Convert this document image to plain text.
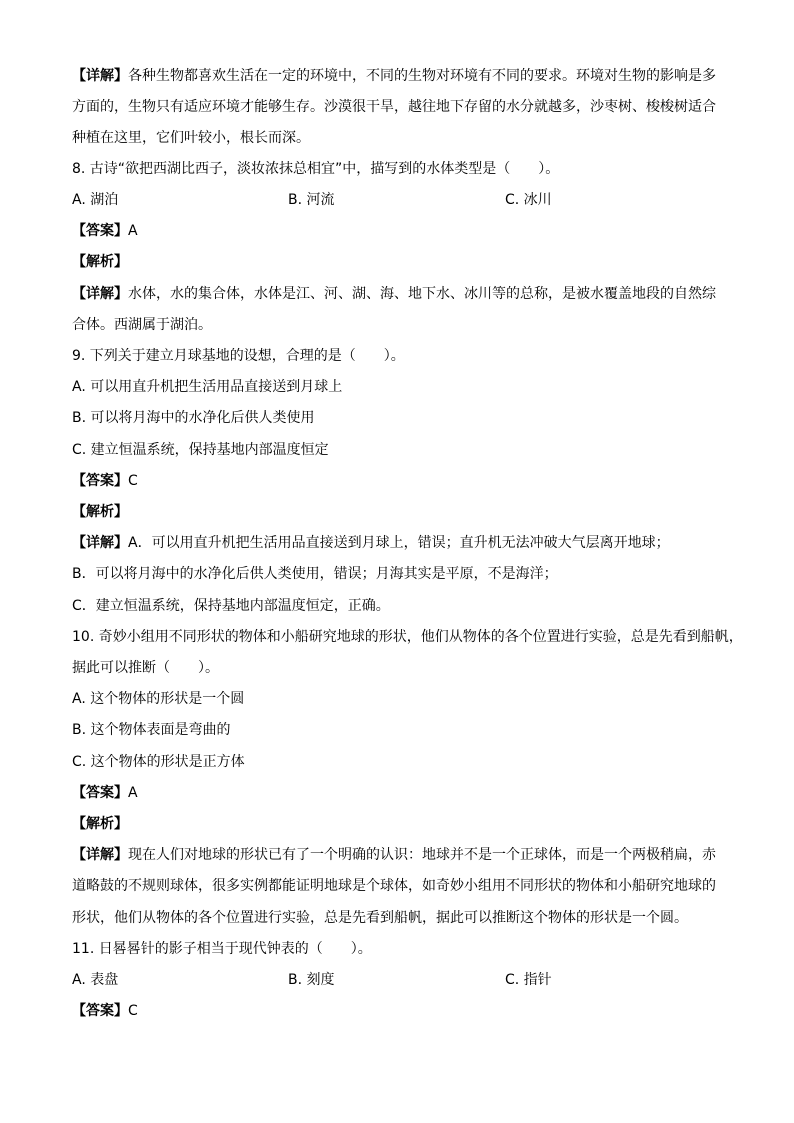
【详解】各种生物都喜欢生活在一定的环境中，不同的生物对环境有不同的要求。环境对生物的影响是多
方面的，生物只有适应环境才能够生存。沙漠很干旱，越往地下存留的水分就越多，沙枣树、梭梭树适合
种植在这里，它们叶较小，根长而深。
8. 古诗“欲把西湖比西子，淡妆浓抹总相宜”中，描写到的水体类型是（　　）。
A. 湖泊	B. 河流	C. 冰川
【答案】A
【解析】
【详解】水体，水的集合体，水体是江、河、湖、海、地下水、冰川等的总称，是被水覆盖地段的自然综
合体。西湖属于湖泊。
9. 下列关于建立月球基地的设想，合理的是（　　）。
A. 可以用直升机把生活用品直接送到月球上
B. 可以将月海中的水净化后供人类使用
C. 建立恒温系统，保持基地内部温度恒定
【答案】C
【解析】
【详解】A．可以用直升机把生活用品直接送到月球上，错误；直升机无法冲破大气层离开地球；
B．可以将月海中的水净化后供人类使用，错误；月海其实是平原，不是海洋；
C．建立恒温系统，保持基地内部温度恒定，正确。
10. 奇妙小组用不同形状的物体和小船研究地球的形状，他们从物体的各个位置进行实验，总是先看到船帆，
据此可以推断（　　）。
A. 这个物体的形状是一个圆
B. 这个物体表面是弯曲的
C. 这个物体的形状是正方体
【答案】A
【解析】
【详解】现在人们对地球的形状已有了一个明确的认识：地球并不是一个正球体，而是一个两极稍扁，赤
道略鼓的不规则球体，很多实例都能证明地球是个球体，如奇妙小组用不同形状的物体和小船研究地球的
形状，他们从物体的各个位置进行实验，总是先看到船帆，据此可以推断这个物体的形状是一个圆。
11. 日晷晷针的影子相当于现代钟表的（　　）。
A. 表盘	B. 刻度	C. 指针
【答案】C
